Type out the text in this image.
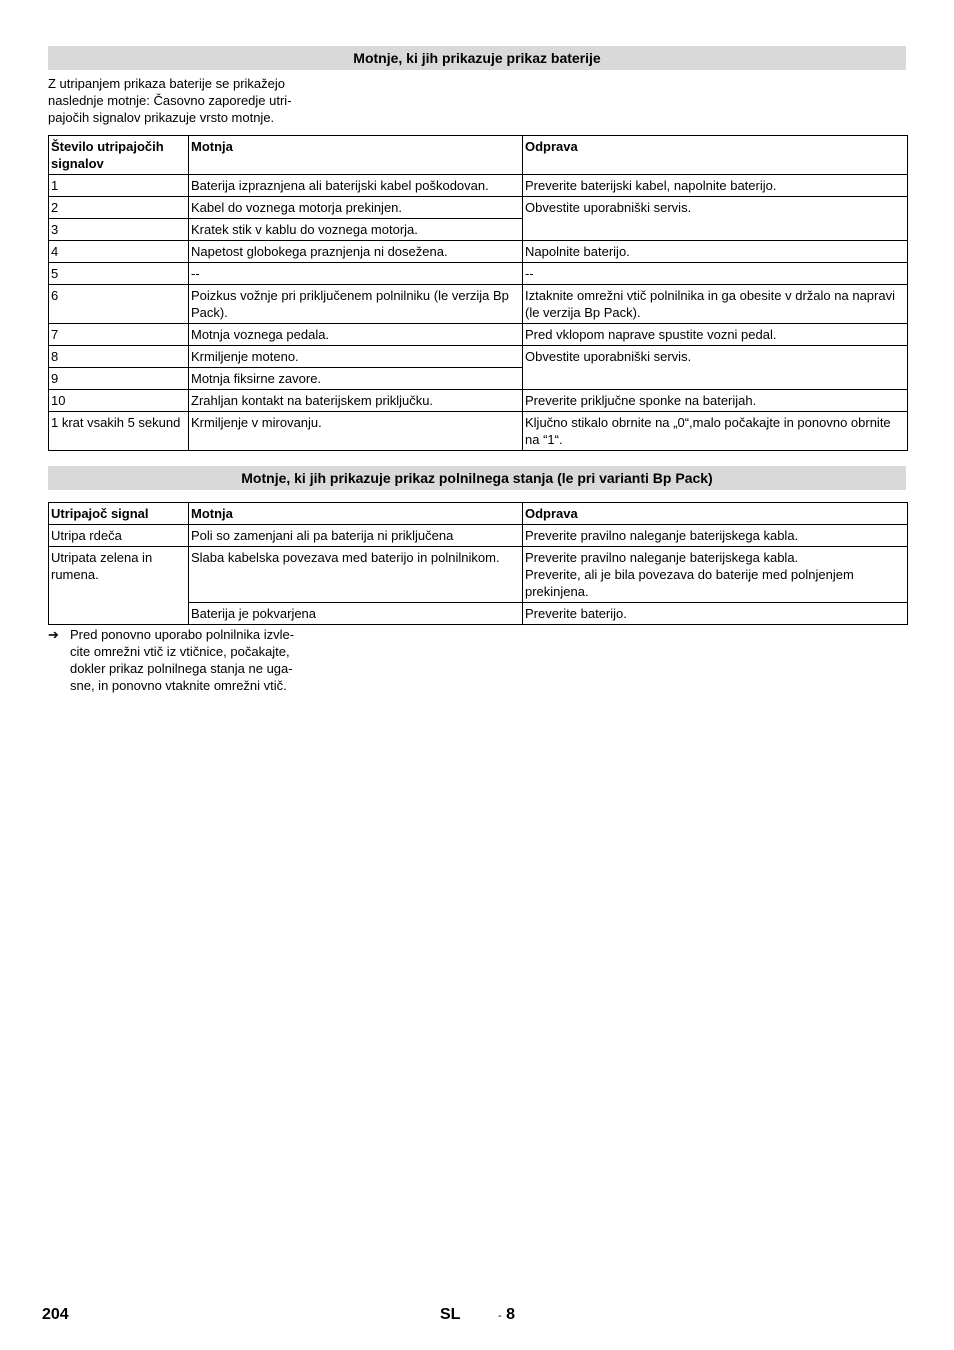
Motnje, ki jih prikazuje prikaz baterije
Z utripanjem prikaza baterije se prikažejo
naslednje motnje: Časovno zaporedje utri-
pajočih signalov prikazuje vrsto motnje.
Število utripajočih signalov	Motnja	Odprava
1	Baterija izpraznjena ali baterijski kabel poškodovan.	Preverite baterijski kabel, napolnite baterijo.
2	Kabel do voznega motorja prekinjen.	Obvestite uporabniški servis.
3	Kratek stik v kablu do voznega motorja.	
4	Napetost globokega praznjenja ni dosežena.	Napolnite baterijo.
5	--	--
6	Poizkus vožnje pri priključenem polnilniku (le verzija Bp Pack).	Iztaknite omrežni vtič polnilnika in ga obesite v držalo na napravi (le verzija Bp Pack).
7	Motnja voznega pedala.	Pred vklopom naprave spustite vozni pedal.
8	Krmiljenje moteno.	Obvestite uporabniški servis.
9	Motnja fiksirne zavore.	
10	Zrahljan kontakt na baterijskem priključku.	Preverite priključne sponke na baterijah.
1 krat vsakih 5 sekund	Krmiljenje v mirovanju.	Ključno stikalo obrnite na „0“,malo počakajte in ponovno obrnite na “1“.
Motnje, ki jih prikazuje prikaz polnilnega stanja (le pri varianti Bp Pack)
Utripajoč signal	Motnja	Odprava
Utripa rdeča	Poli so zamenjani ali pa baterija ni priključena	Preverite pravilno naleganje baterijskega kabla.
Utripata zelena in rumena.	Slaba kabelska povezava med baterijo in polnilnikom.	Preverite pravilno naleganje baterijskega kabla.
Preverite, ali je bila povezava do baterije med polnjenjem prekinjena.
	Baterija je pokvarjena	Preverite baterijo.
➔ Pred ponovno uporabo polnilnika izvle-
cite omrežni vtič iz vtičnice, počakajte,
dokler prikaz polnilnega stanja ne uga-
sne, in ponovno vtaknite omrežni vtič.
204	SL	- 8
